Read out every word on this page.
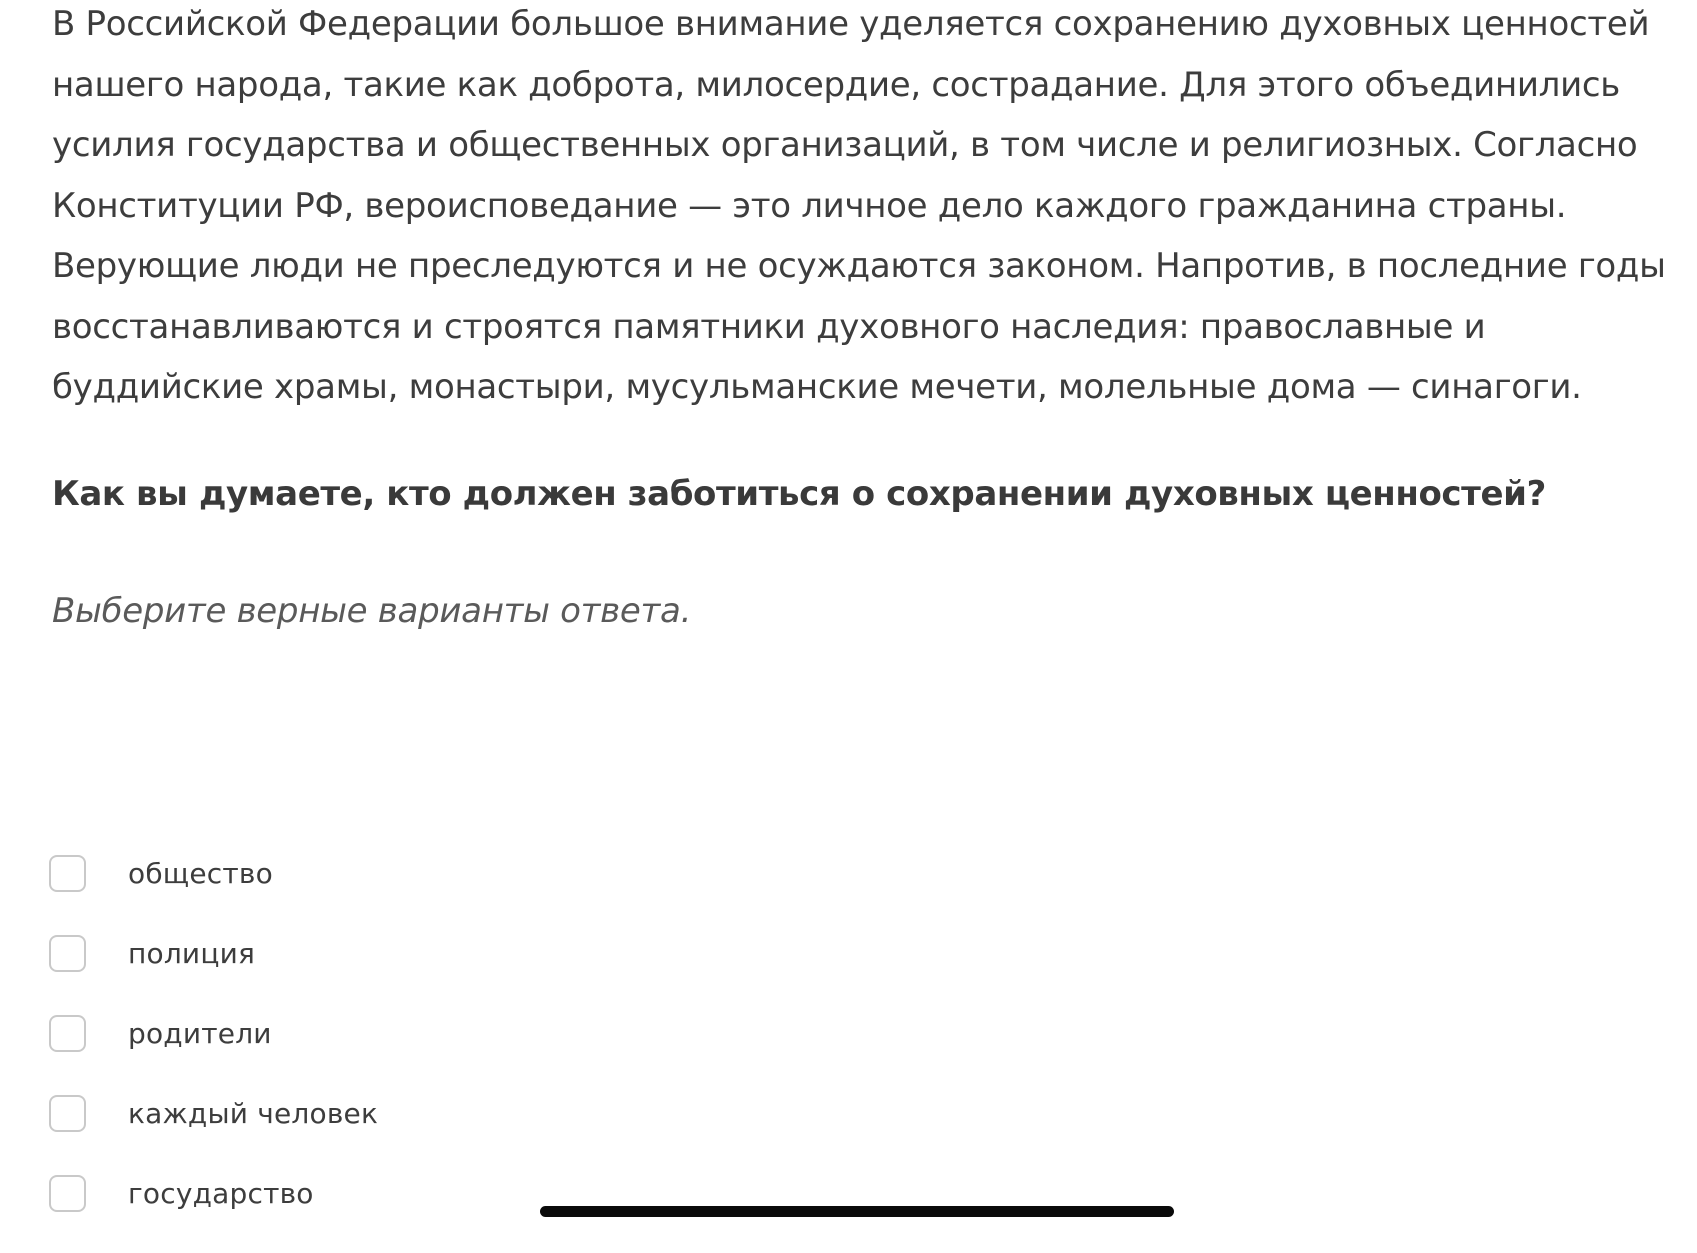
В Российской Федерации большое внимание уделяется сохранению духовных ценностей
нашего народа, такие как доброта, милосердие, сострадание. Для этого объединились
усилия государства и общественных организаций, в том числе и религиозных. Согласно
Конституции РФ, вероисповедание — это личное дело каждого гражданина страны.
Верующие люди не преследуются и не осуждаются законом. Напротив, в последние годы
восстанавливаются и строятся памятники духовного наследия: православные и
буддийские храмы, монастыри, мусульманские мечети, молельные дома — синагоги.

Как вы думаете, кто должен заботиться о сохранении духовных ценностей?

Выберите верные варианты ответа.

общество
полиция
родители
каждый человек
государство
